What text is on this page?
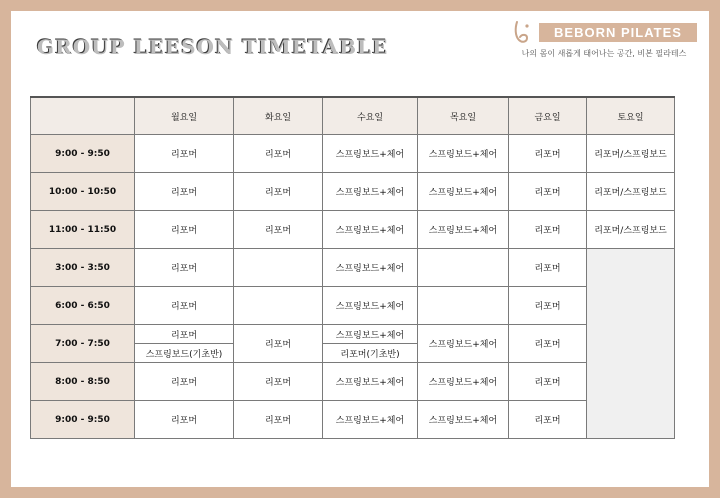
GROUP LEESON TIMETABLE
BEBORN PILATES
나의 몸이 새롭게 태어나는 공간, 비본 필라테스
	월요일	화요일	수요일	목요일	금요일	토요일
9:00 - 9:50	리포머	리포머	스프링보드+체어	스프링보드+체어	리포머	리포머/스프링보드
10:00 - 10:50	리포머	리포머	스프링보드+체어	스프링보드+체어	리포머	리포머/스프링보드
11:00 - 11:50	리포머	리포머	스프링보드+체어	스프링보드+체어	리포머	리포머/스프링보드
3:00 - 3:50	리포머		스프링보드+체어		리포머	
6:00 - 6:50	리포머		스프링보드+체어		리포머	
7:00 - 7:50	리포머	리포머	스프링보드+체어	스프링보드+체어	리포머	
	스프링보드(기초반)		리포머(기초반)			
8:00 - 8:50	리포머	리포머	스프링보드+체어	스프링보드+체어	리포머	
9:00 - 9:50	리포머	리포머	스프링보드+체어	스프링보드+체어	리포머	
